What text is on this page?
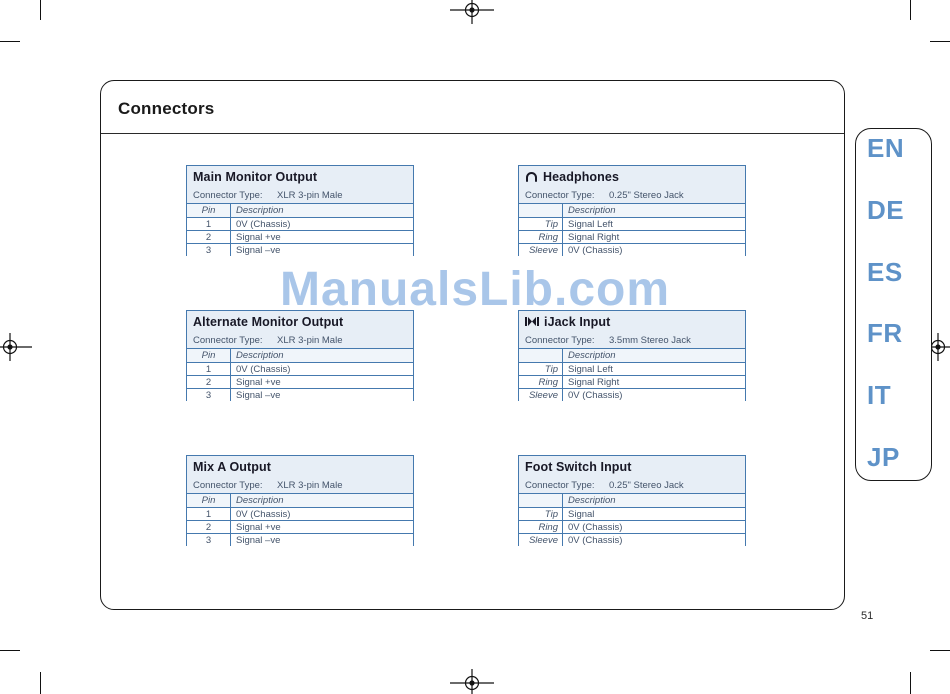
Connectors
Main Monitor Output
Connector Type:	XLR 3-pin Male
Pin	Description
1	0V (Chassis)
2	Signal +ve
3	Signal –ve
Headphones
Connector Type:	0.25" Stereo Jack
Description
Tip	Signal Left
Ring	Signal Right
Sleeve	0V (Chassis)
Alternate Monitor Output
Connector Type:	XLR 3-pin Male
Pin	Description
1	0V (Chassis)
2	Signal +ve
3	Signal –ve
iJack Input
Connector Type:	3.5mm Stereo Jack
Description
Tip	Signal Left
Ring	Signal Right
Sleeve	0V (Chassis)
Mix A Output
Connector Type:	XLR 3-pin Male
Pin	Description
1	0V (Chassis)
2	Signal +ve
3	Signal –ve
Foot Switch Input
Connector Type:	0.25" Stereo Jack
Description
Tip	Signal
Ring	0V (Chassis)
Sleeve	0V (Chassis)
ManualsLib.com
EN
DE
ES
FR
IT
JP
51
